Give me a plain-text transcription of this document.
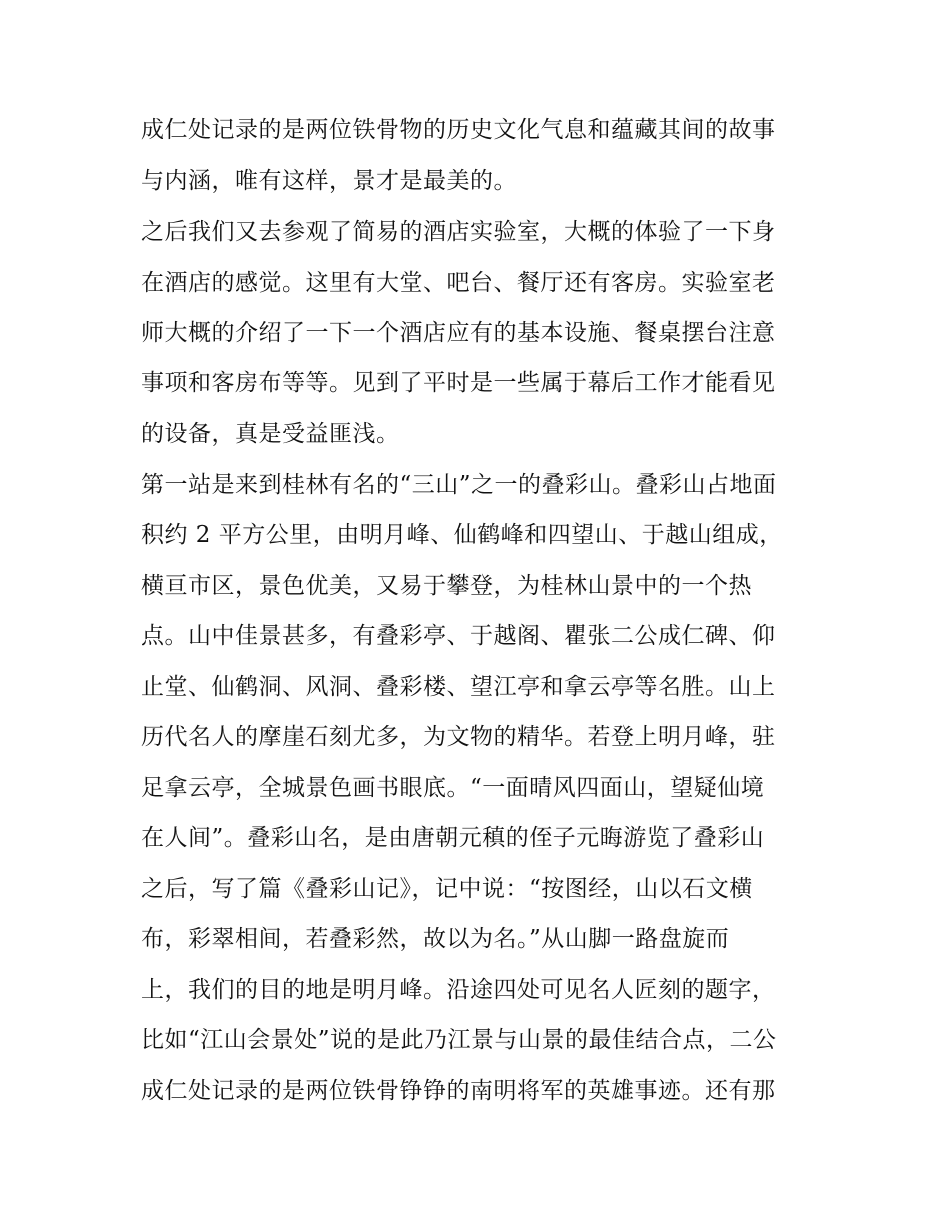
成仁处记录的是两位铁骨物的历史文化气息和蕴藏其间的故事
与内涵，唯有这样，景才是最美的。
之后我们又去参观了简易的酒店实验室，大概的体验了一下身
在酒店的感觉。这里有大堂、吧台、餐厅还有客房。实验室老
师大概的介绍了一下一个酒店应有的基本设施、餐桌摆台注意
事项和客房布等等。见到了平时是一些属于幕后工作才能看见
的设备，真是受益匪浅。
第一站是来到桂林有名的“三山”之一的叠彩山。叠彩山占地面
积约 2 平方公里，由明月峰、仙鹤峰和四望山、于越山组成，
横亘市区，景色优美，又易于攀登，为桂林山景中的一个热
点。山中佳景甚多，有叠彩亭、于越阁、瞿张二公成仁碑、仰
止堂、仙鹤洞、风洞、叠彩楼、望江亭和拿云亭等名胜。山上
历代名人的摩崖石刻尤多，为文物的精华。若登上明月峰，驻
足拿云亭，全城景色画书眼底。“一面晴风四面山，望疑仙境
在人间”。叠彩山名，是由唐朝元稹的侄子元晦游览了叠彩山
之后，写了篇《叠彩山记》，记中说：“按图经，山以石文横
布，彩翠相间，若叠彩然，故以为名。”从山脚一路盘旋而
上，我们的目的地是明月峰。沿途四处可见名人匠刻的题字，
比如“江山会景处”说的是此乃江景与山景的最佳结合点，二公
成仁处记录的是两位铁骨铮铮的南明将军的英雄事迹。还有那
